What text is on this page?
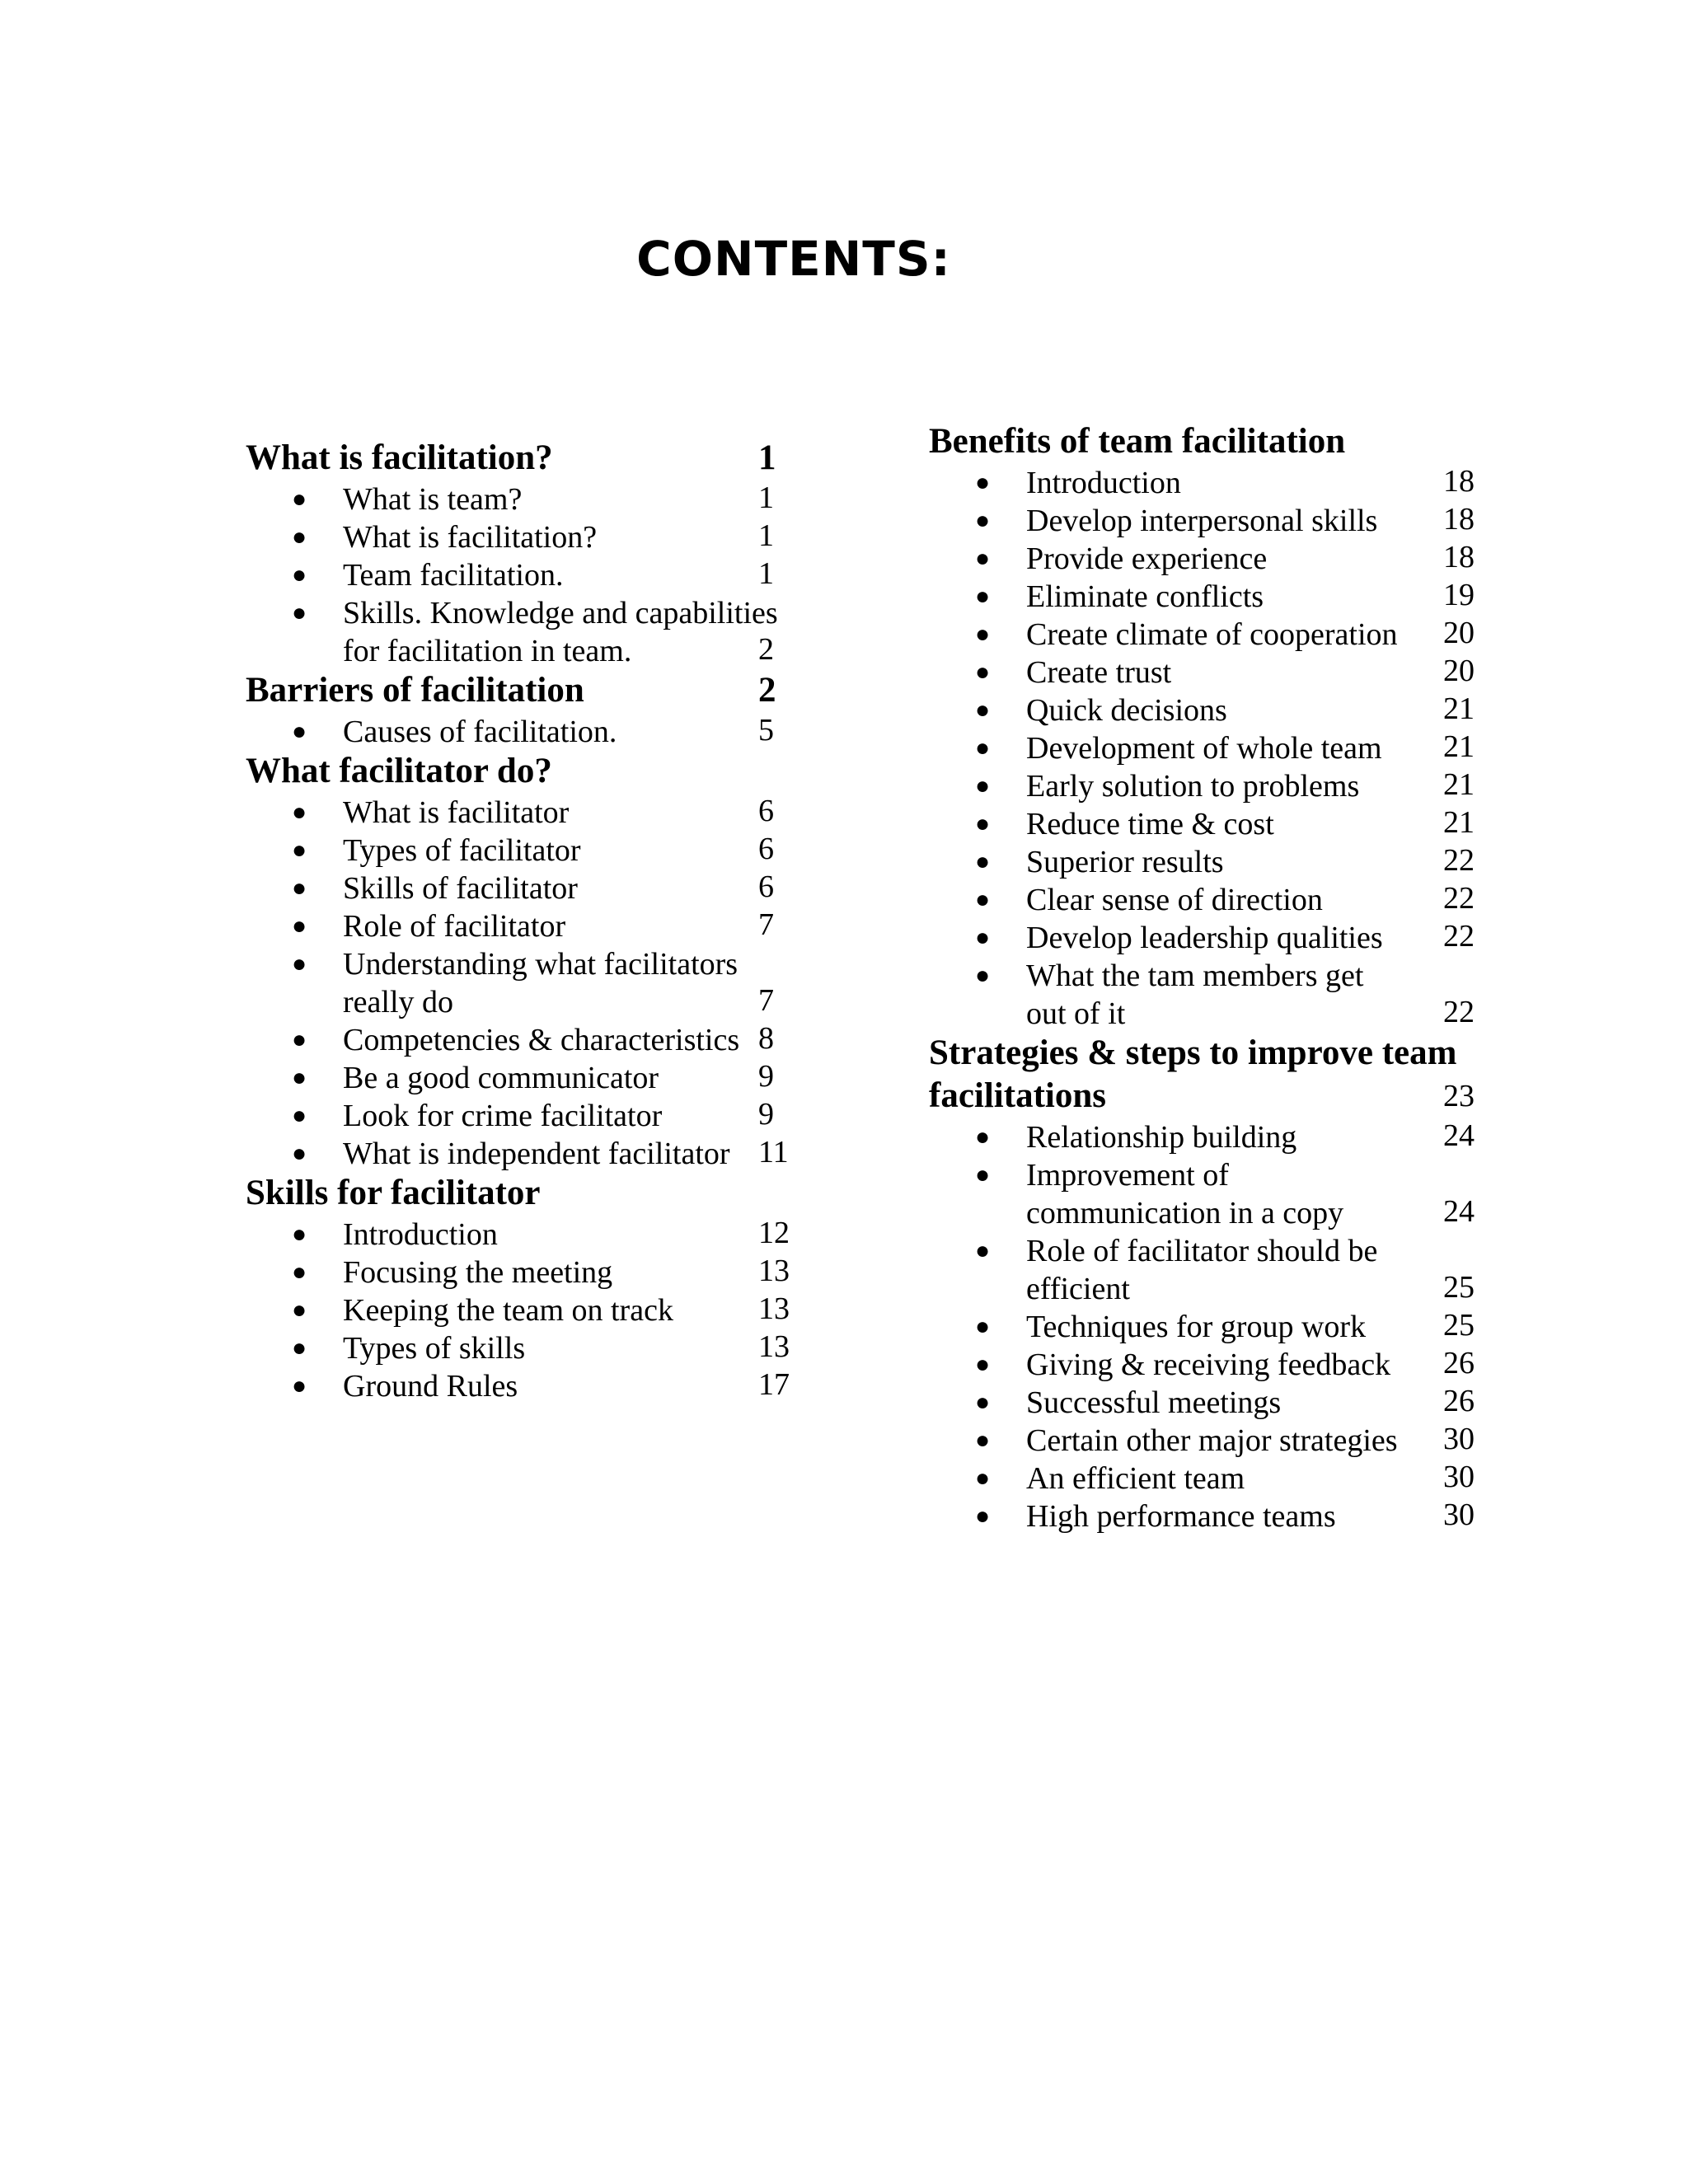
CONTENTS:
What is facilitation?	1
● What is team?	1
● What is facilitation?	1
● Team facilitation.	1
● Skills. Knowledge and capabilities
for facilitation in team.	2
Barriers of facilitation	2
● Causes of facilitation.	5
What facilitator do?
● What is facilitator	6
● Types of facilitator	6
● Skills of facilitator	6
● Role of facilitator	7
● Understanding what facilitators
really do	7
● Competencies & characteristics 8
● Be a good communicator	9
● Look for crime facilitator	9
● What is independent facilitator 11
Skills for facilitator
● Introduction	12
● Focusing the meeting	13
● Keeping the team on track	13
● Types of skills	13
● Ground Rules	17
Benefits of team facilitation
● Introduction	18
● Develop interpersonal skills	18
● Provide experience	18
● Eliminate conflicts	19
● Create climate of cooperation	20
● Create trust	20
● Quick decisions	21
● Development of whole team	21
● Early solution to problems	21
● Reduce time & cost	21
● Superior results	22
● Clear sense of direction	22
● Develop leadership qualities	22
● What the tam members get
out of it	22
Strategies & steps to improve team
facilitations	23
● Relationship building	24
● Improvement of
communication in a copy	24
● Role of facilitator should be
efficient	25
● Techniques for group work	25
● Giving & receiving feedback	26
● Successful meetings	26
● Certain other major strategies	30
● An efficient team	30
● High performance teams	30
